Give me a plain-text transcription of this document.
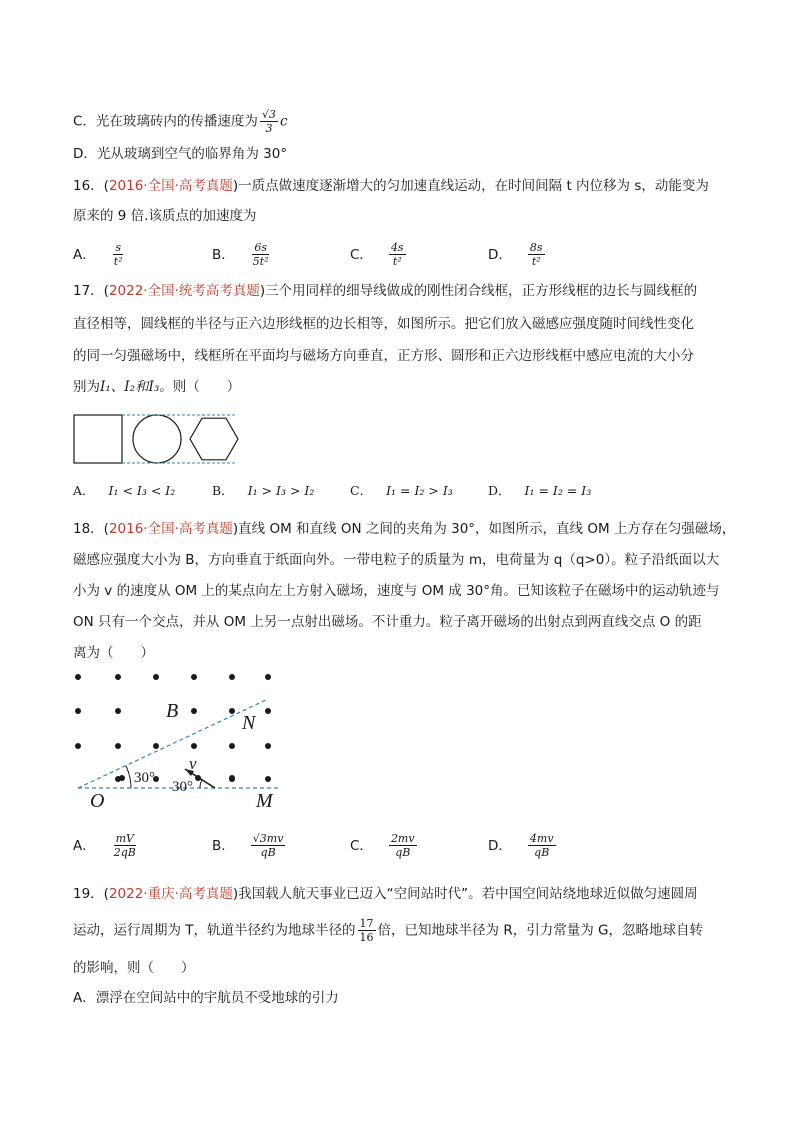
C．光在玻璃砖内的传播速度为 $\frac{√3}{3}$ c
D．光从玻璃到空气的临界角为 30°
16．(2016·全国·高考真题)一质点做速度逐渐增大的匀加速直线运动，在时间间隔 t 内位移为 s，动能变为
原来的 9 倍.该质点的加速度为
A． $\frac{s}{\text{t²}}$	B． $\frac{6s}{\text{5t²}}$	C． $\frac{4s}{\text{t²}}$	D． $\frac{8s}{\text{t²}}$
17．(2022·全国·统考高考真题)三个用同样的细导线做成的刚性闭合线框，正方形线框的边长与圆线框的
直径相等，圆线框的半径与正六边形线框的边长相等，如图所示。把它们放入磁感应强度随时间线性变化
的同一匀强磁场中，线框所在平面均与磁场方向垂直，正方形、圆形和正六边形线框中感应电流的大小分
别为I₁、I₂和I₃。则（　　）
A． I₁ < I₃ < I₂	B． I₁ > I₃ > I₂	C． I₁ = I₂ > I₃	D． I₁ = I₂ = I₃
18．(2016·全国·高考真题)直线 OM 和直线 ON 之间的夹角为 30°，如图所示，直线 OM 上方存在匀强磁场，
磁感应强度大小为 B，方向垂直于纸面向外。一带电粒子的质量为 m，电荷量为 q（q>0）。粒子沿纸面以大
小为 v 的速度从 OM 上的某点向左上方射入磁场，速度与 OM 成 30°角。已知该粒子在磁场中的运动轨迹与
ON 只有一个交点，并从 OM 上另一点射出磁场。不计重力。粒子离开磁场的出射点到两直线交点 O 的距
离为（　　）
B
N
O	M
v
30°
30°
A． $\frac{mV}{2qB}$	B． $\frac{√3mv}{qB}$	C． $\frac{2mv}{qB}$	D． $\frac{4mv}{qB}$
19．(2022·重庆·高考真题)我国载人航天事业已迈入“空间站时代”。若中国空间站绕地球近似做匀速圆周
运动，运行周期为 T，轨道半径约为地球半径的 $\frac{17}{16}$ 倍，已知地球半径为 R，引力常量为 G，忽略地球自转
的影响，则（　　）
A．漂浮在空间站中的宇航员不受地球的引力
